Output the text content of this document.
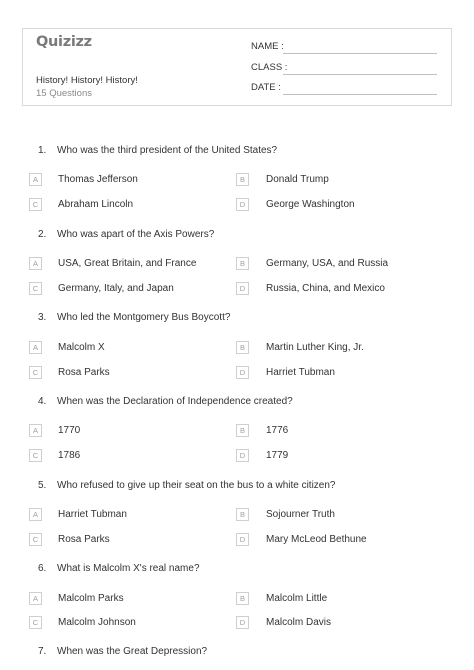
Quizizz
History! History! History!
15 Questions
NAME :
CLASS :
DATE :
1. Who was the third president of the United States?
A	Thomas Jefferson	B	Donald Trump
C	Abraham Lincoln	D	George Washington
2. Who was apart of the Axis Powers?
A	USA, Great Britain, and France	B	Germany, USA, and Russia
C	Germany, Italy, and Japan	D	Russia, China, and Mexico
3. Who led the Montgomery Bus Boycott?
A	Malcolm X	B	Martin Luther King, Jr.
C	Rosa Parks	D	Harriet Tubman
4. When was the Declaration of Independence created?
A	1770	B	1776
C	1786	D	1779
5. Who refused to give up their seat on the bus to a white citizen?
A	Harriet Tubman	B	Sojourner Truth
C	Rosa Parks	D	Mary McLeod Bethune
6. What is Malcolm X's real name?
A	Malcolm Parks	B	Malcolm Little
C	Malcolm Johnson	D	Malcolm Davis
7. When was the Great Depression?
